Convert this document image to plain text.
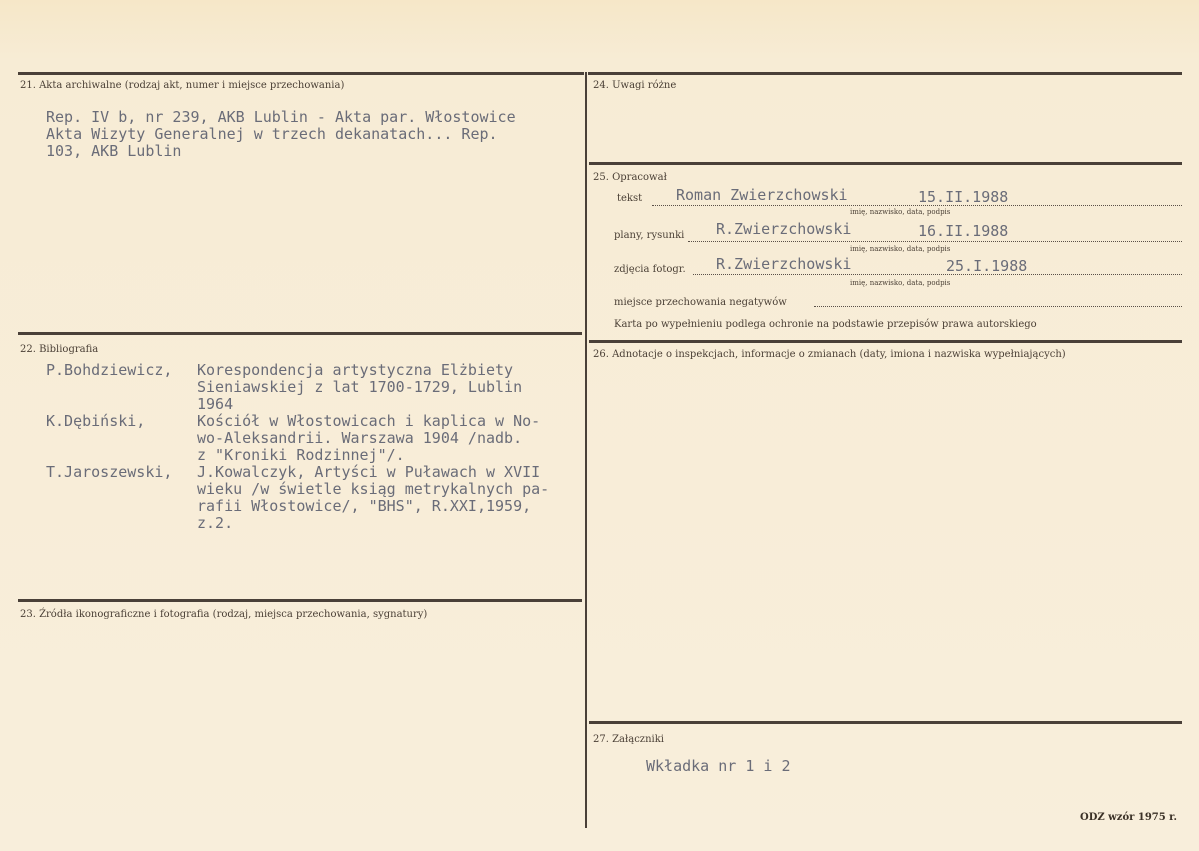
21. Akta archiwalne (rodzaj akt, numer i miejsce przechowania)
Rep. IV b, nr 239, AKB Lublin - Akta par. Włostowice
Akta Wizyty Generalnej w trzech dekanatach... Rep.
103, AKB Lublin
22. Bibliografia
P.Bohdziewicz, Korespondencja artystyczna Elżbiety
Sieniawskiej z lat 1700-1729, Lublin
1964
K.Dębiński,	Kościół w Włostowicach i kaplica w No-
wo-Aleksandrii. Warszawa 1904 /nadb.
z "Kroniki Rodzinnej"/.
T.Jaroszewski, J.Kowalczyk, Artyści w Puławach w XVII
wieku /w świetle ksiąg metrykalnych pa-
rafii Włostowice/, "BHS", R.XXI,1959,
z.2.
23. Źródła ikonograficzne i fotografia (rodzaj, miejsca przechowania, sygnatury)
24. Uwagi różne
25. Opracował
tekst Roman Zwierzchowski	15.II.1988
imię, nazwisko, data, podpis
plany, rysunki R.Zwierzchowski	16.II.1988
imię, nazwisko, data, podpis
zdjęcia fotogr. R.Zwierzchowski	25.I.1988
imię, nazwisko, data, podpis
miejsce przechowania negatywów
Karta po wypełnieniu podlega ochronie na podstawie przepisów prawa autorskiego
26. Adnotacje o inspekcjach, informacje o zmianach (daty, imiona i nazwiska wypełniających)
27. Załączniki
Wkładka nr 1 i 2
ODZ wzór 1975 r.
